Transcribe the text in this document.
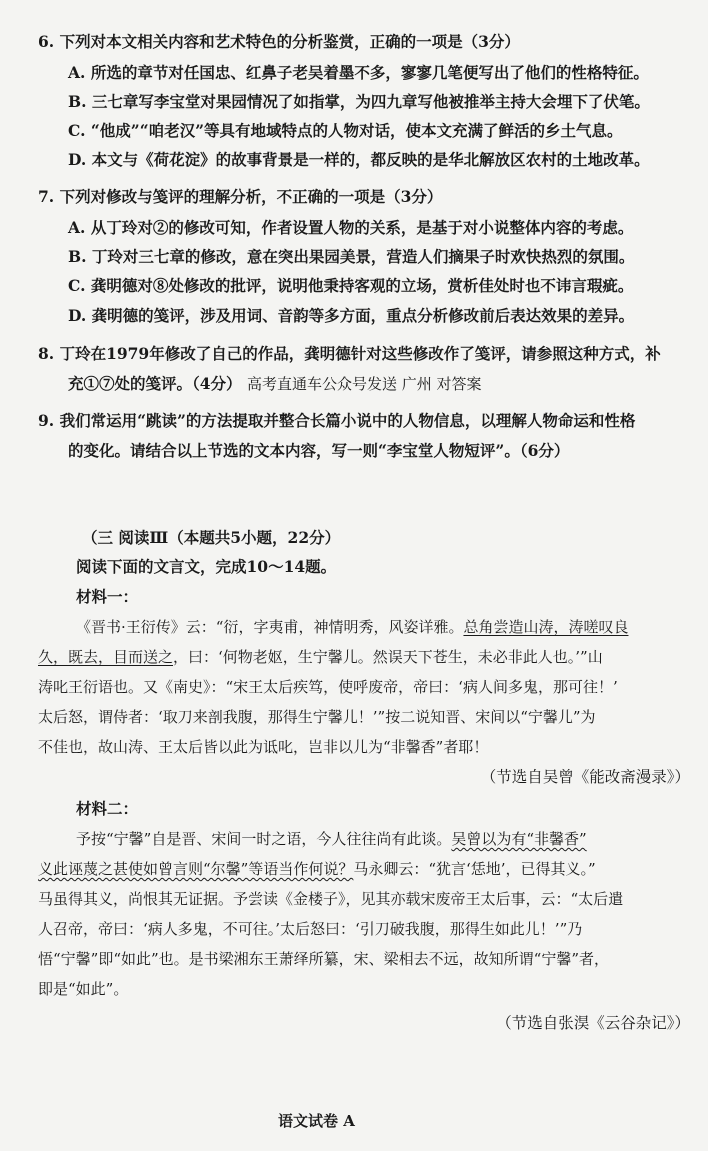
6. 下列对本文相关内容和艺术特色的分析鉴赏，正确的一项是（3分）
A. 所选的章节对任国忠、红鼻子老吴着墨不多，寥寥几笔便写出了他们的性格特征。
B. 三七章写李宝堂对果园情况了如指掌，为四九章写他被推举主持大会埋下了伏笔。
C. “他成”“咱老汉”等具有地域特点的人物对话，使本文充满了鲜活的乡土气息。
D. 本文与《荷花淀》的故事背景是一样的，都反映的是华北解放区农村的土地改革。
7. 下列对修改与笺评的理解分析，不正确的一项是（3分）
A. 从丁玲对②的修改可知，作者设置人物的关系，是基于对小说整体内容的考虑。
B. 丁玲对三七章的修改，意在突出果园美景，营造人们摘果子时欢快热烈的氛围。
C. 龚明德对⑧处修改的批评，说明他秉持客观的立场，赏析佳处时也不讳言瑕疵。
D. 龚明德的笺评，涉及用词、音韵等多方面，重点分析修改前后表达效果的差异。
8. 丁玲在1979年修改了自己的作品，龚明德针对这些修改作了笺评，请参照这种方式，补
充①⑦处的笺评。（4分） 高考直通车公众号发送 广州 对答案
9. 我们常运用“跳读”的方法提取并整合长篇小说中的人物信息，以理解人物命运和性格
的变化。请结合以上节选的文本内容，写一则“李宝堂人物短评”。（6分）
（三 阅读Ⅲ（本题共5小题，22分）
阅读下面的文言文，完成10～14题。
材料一：
《晋书·王衍传》云：“衍，字夷甫，神情明秀，风姿详雅。总角尝造山涛，涛嗟叹良
久，既去，目而送之，曰：‘何物老妪，生宁馨儿。然误天下苍生，未必非此人也。’”山
涛叱王衍语也。又《南史》：“宋王太后疾笃，使呼废帝，帝曰：‘病人间多鬼，那可往！’
太后怒，谓侍者：‘取刀来剖我腹，那得生宁馨儿！’”按二说知晋、宋间以“宁馨儿”为
不佳也，故山涛、王太后皆以此为诋叱，岂非以儿为“非馨香”者耶！
（节选自吴曾《能改斋漫录》）
材料二：
予按“宁馨”自是晋、宋间一时之语，今人往往尚有此谈。吴曾以为有“非馨香”
义此诬蔑之甚使如曾言则“尔馨”等语当作何说？马永卿云：“犹言‘恁地’，已得其义。”
马虽得其义，尚恨其无证据。予尝读《金楼子》，见其亦载宋废帝王太后事，云：“太后遣
人召帝，帝曰：‘病人多鬼，不可往。’太后怒曰：‘引刀破我腹，那得生如此儿！’”乃
悟“宁馨”即“如此”也。是书梁湘东王萧绎所纂，宋、梁相去不远，故知所谓“宁馨”者，
即是“如此”。
（节选自张淏《云谷杂记》）
语文试卷 A
